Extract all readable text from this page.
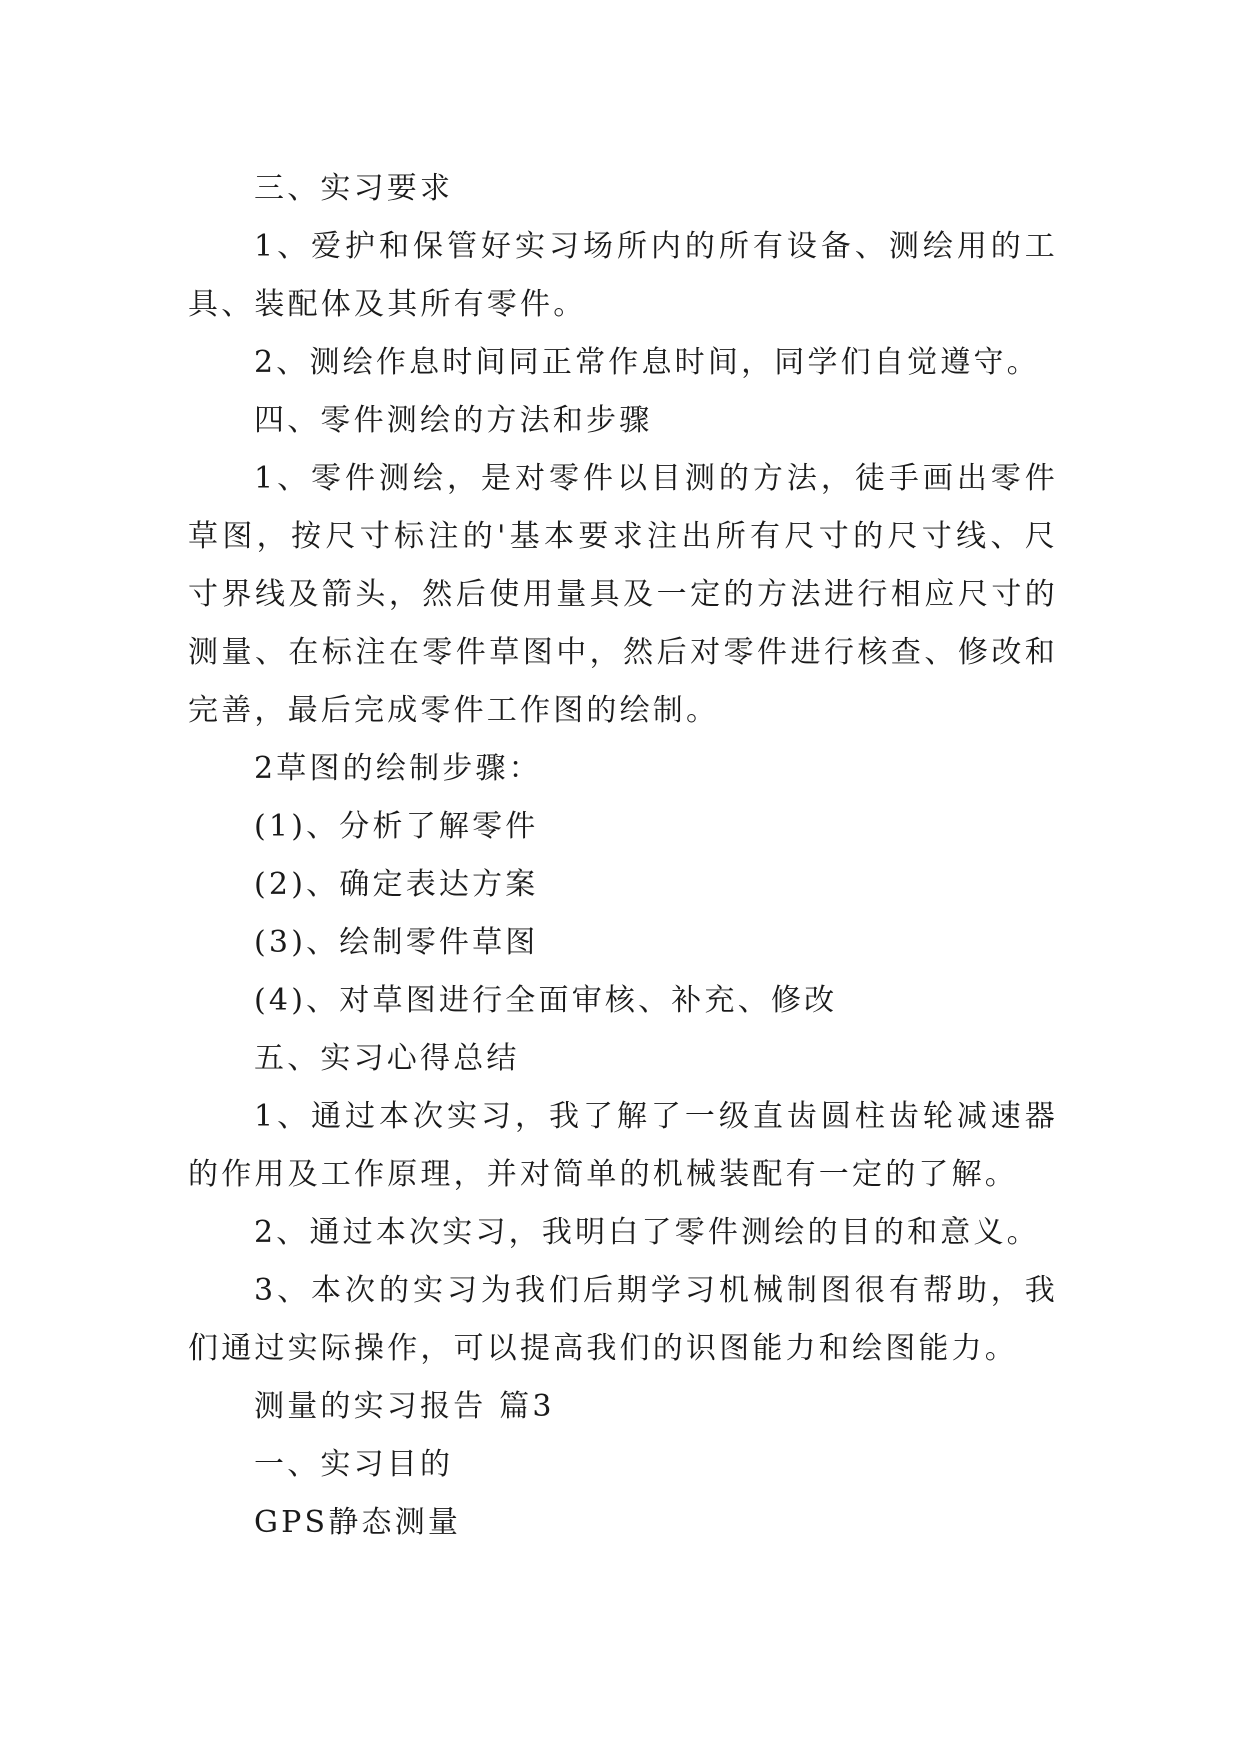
三、实习要求

1、爱护和保管好实习场所内的所有设备、测绘用的工具、装配体及其所有零件。

2、测绘作息时间同正常作息时间，同学们自觉遵守。

四、零件测绘的方法和步骤

1、零件测绘，是对零件以目测的方法，徒手画出零件草图，按尺寸标注的'基本要求注出所有尺寸的尺寸线、尺寸界线及箭头，然后使用量具及一定的方法进行相应尺寸的测量、在标注在零件草图中，然后对零件进行核查、修改和完善，最后完成零件工作图的绘制。

2草图的绘制步骤：

(1)、分析了解零件

(2)、确定表达方案

(3)、绘制零件草图

(4)、对草图进行全面审核、补充、修改

五、实习心得总结

1、通过本次实习，我了解了一级直齿圆柱齿轮减速器的作用及工作原理，并对简单的机械装配有一定的了解。

2、通过本次实习，我明白了零件测绘的目的和意义。

3、本次的实习为我们后期学习机械制图很有帮助，我们通过实际操作，可以提高我们的识图能力和绘图能力。

测量的实习报告 篇3

一、实习目的

GPS静态测量
